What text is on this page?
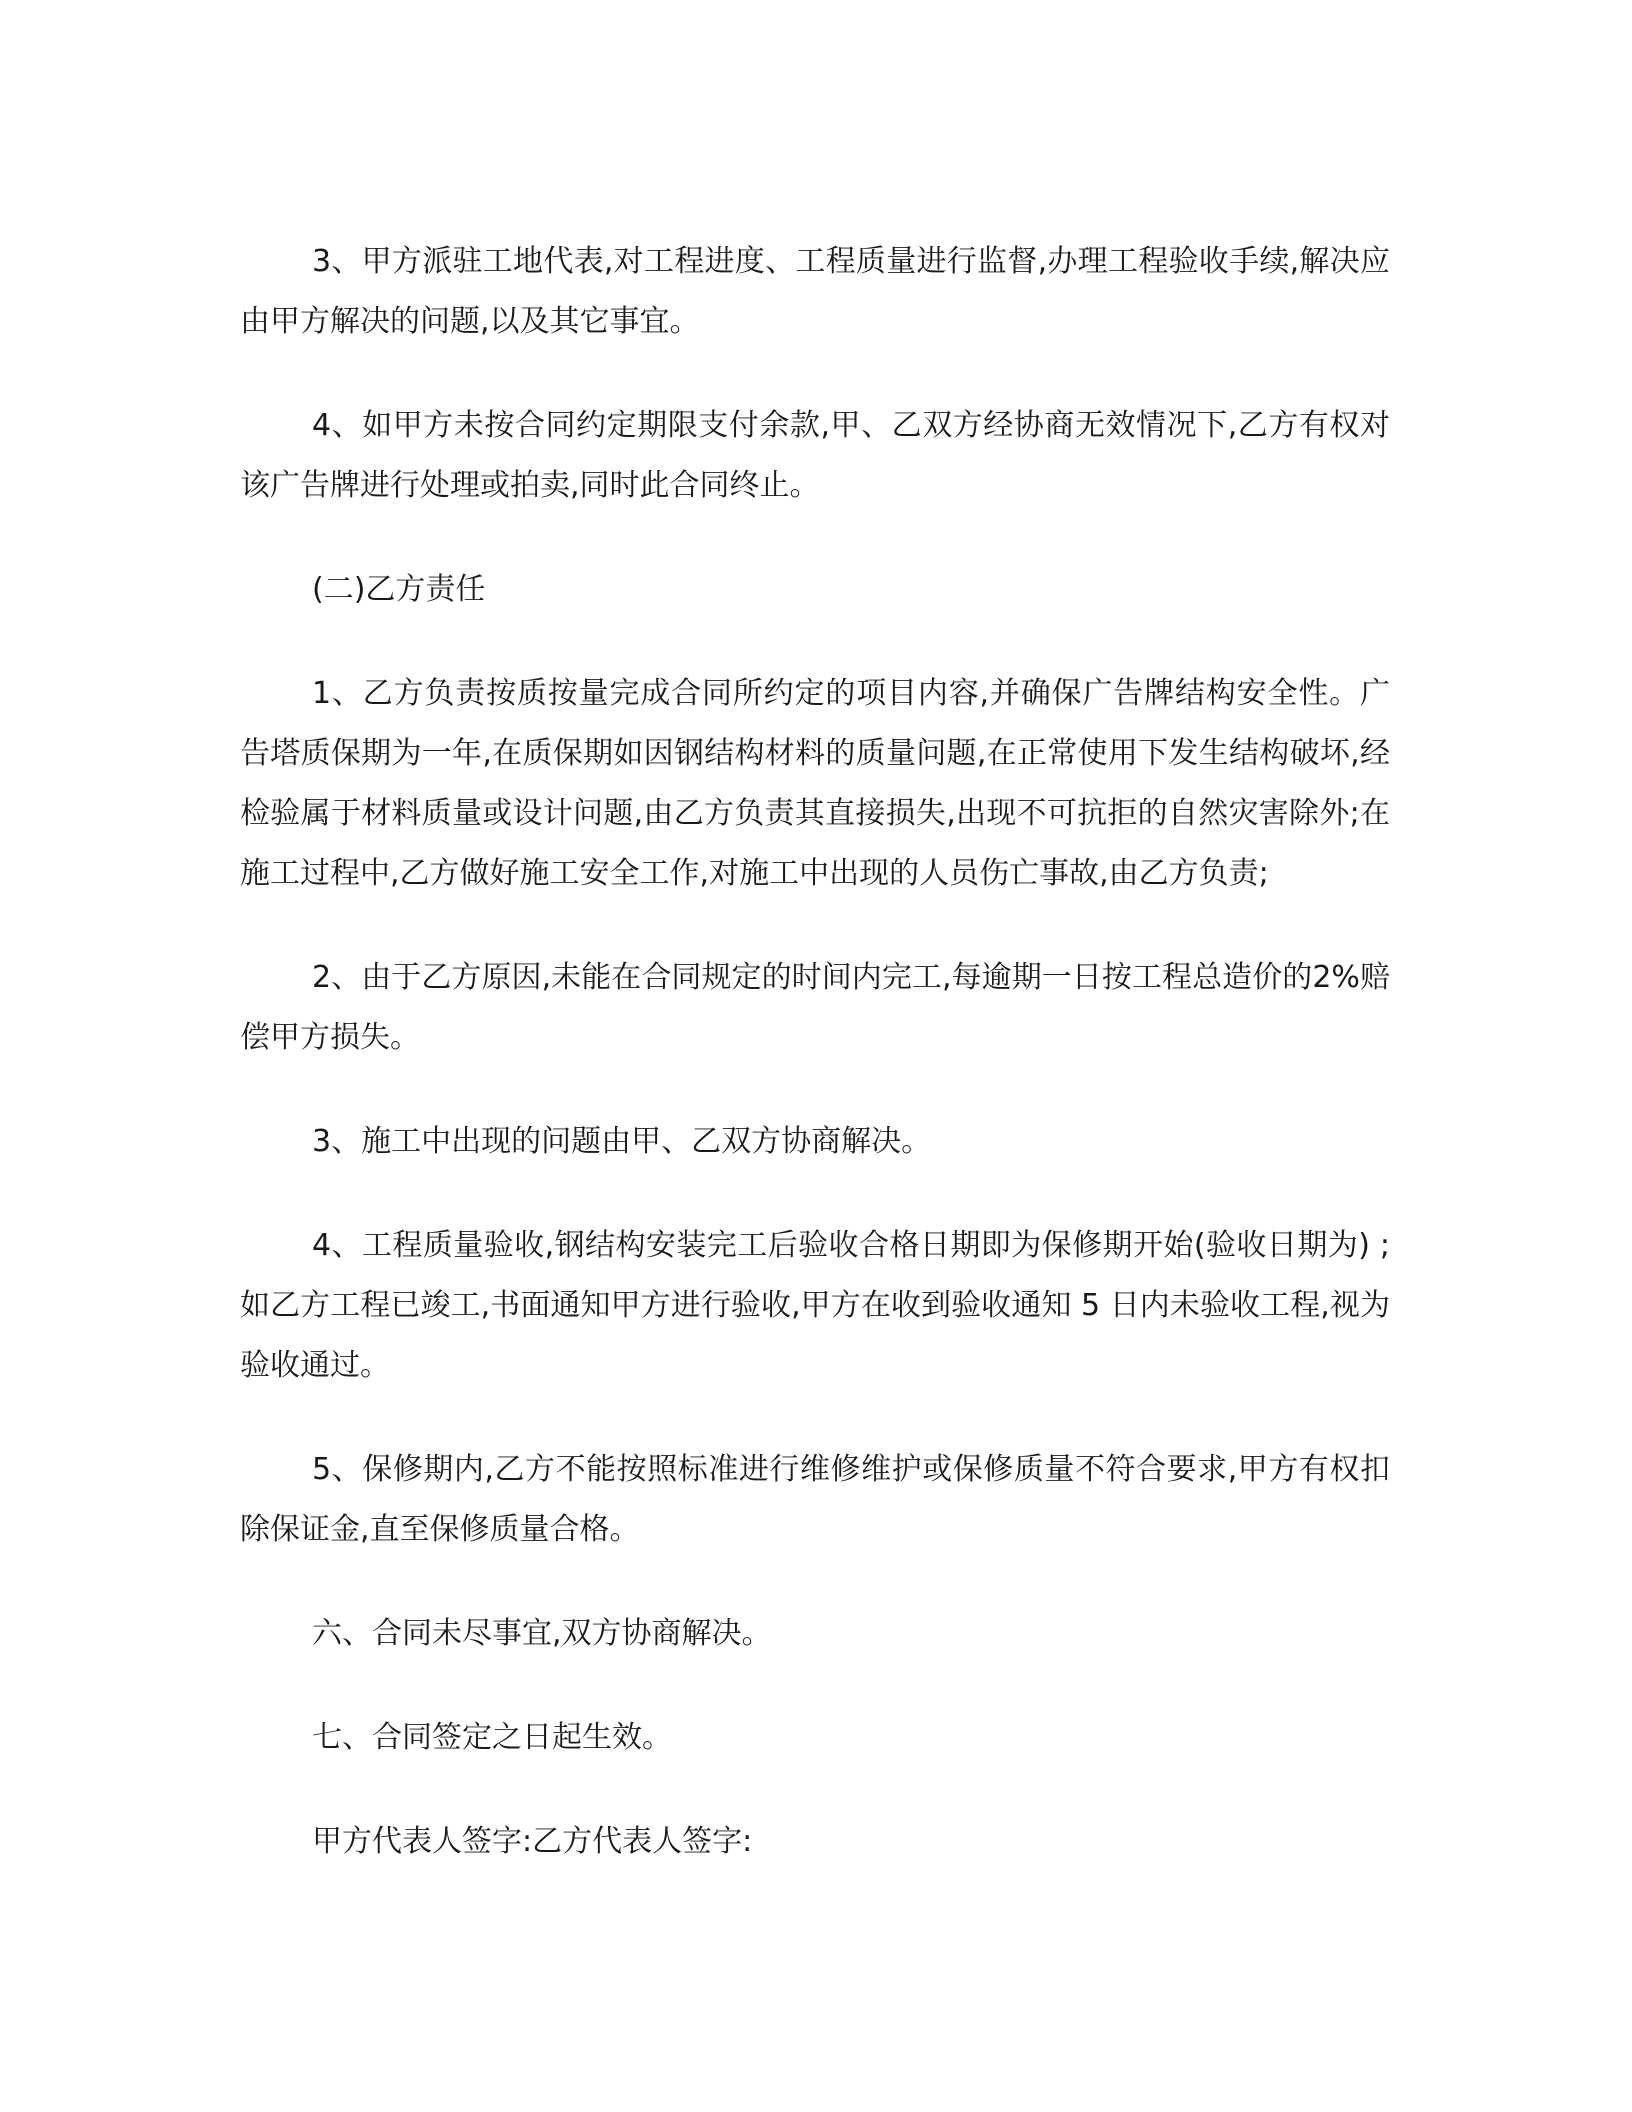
3、甲方派驻工地代表,对工程进度、工程质量进行监督,办理工程验收手续,解决应由甲方解决的问题,以及其它事宜。

4、如甲方未按合同约定期限支付余款,甲、乙双方经协商无效情况下,乙方有权对该广告牌进行处理或拍卖,同时此合同终止。

(二)乙方责任

1、乙方负责按质按量完成合同所约定的项目内容,并确保广告牌结构安全性。广告塔质保期为一年,在质保期如因钢结构材料的质量问题,在正常使用下发生结构破坏,经检验属于材料质量或设计问题,由乙方负责其直接损失,出现不可抗拒的自然灾害除外;在施工过程中,乙方做好施工安全工作,对施工中出现的人员伤亡事故,由乙方负责;

2、由于乙方原因,未能在合同规定的时间内完工,每逾期一日按工程总造价的2%赔偿甲方损失。

3、施工中出现的问题由甲、乙双方协商解决。

4、工程质量验收,钢结构安装完工后验收合格日期即为保修期开始(验收日期为) ;如乙方工程已竣工,书面通知甲方进行验收,甲方在收到验收通知 5 日内未验收工程,视为验收通过。

5、保修期内,乙方不能按照标准进行维修维护或保修质量不符合要求,甲方有权扣除保证金,直至保修质量合格。

六、合同未尽事宜,双方协商解决。

七、合同签定之日起生效。

甲方代表人签字:乙方代表人签字:
